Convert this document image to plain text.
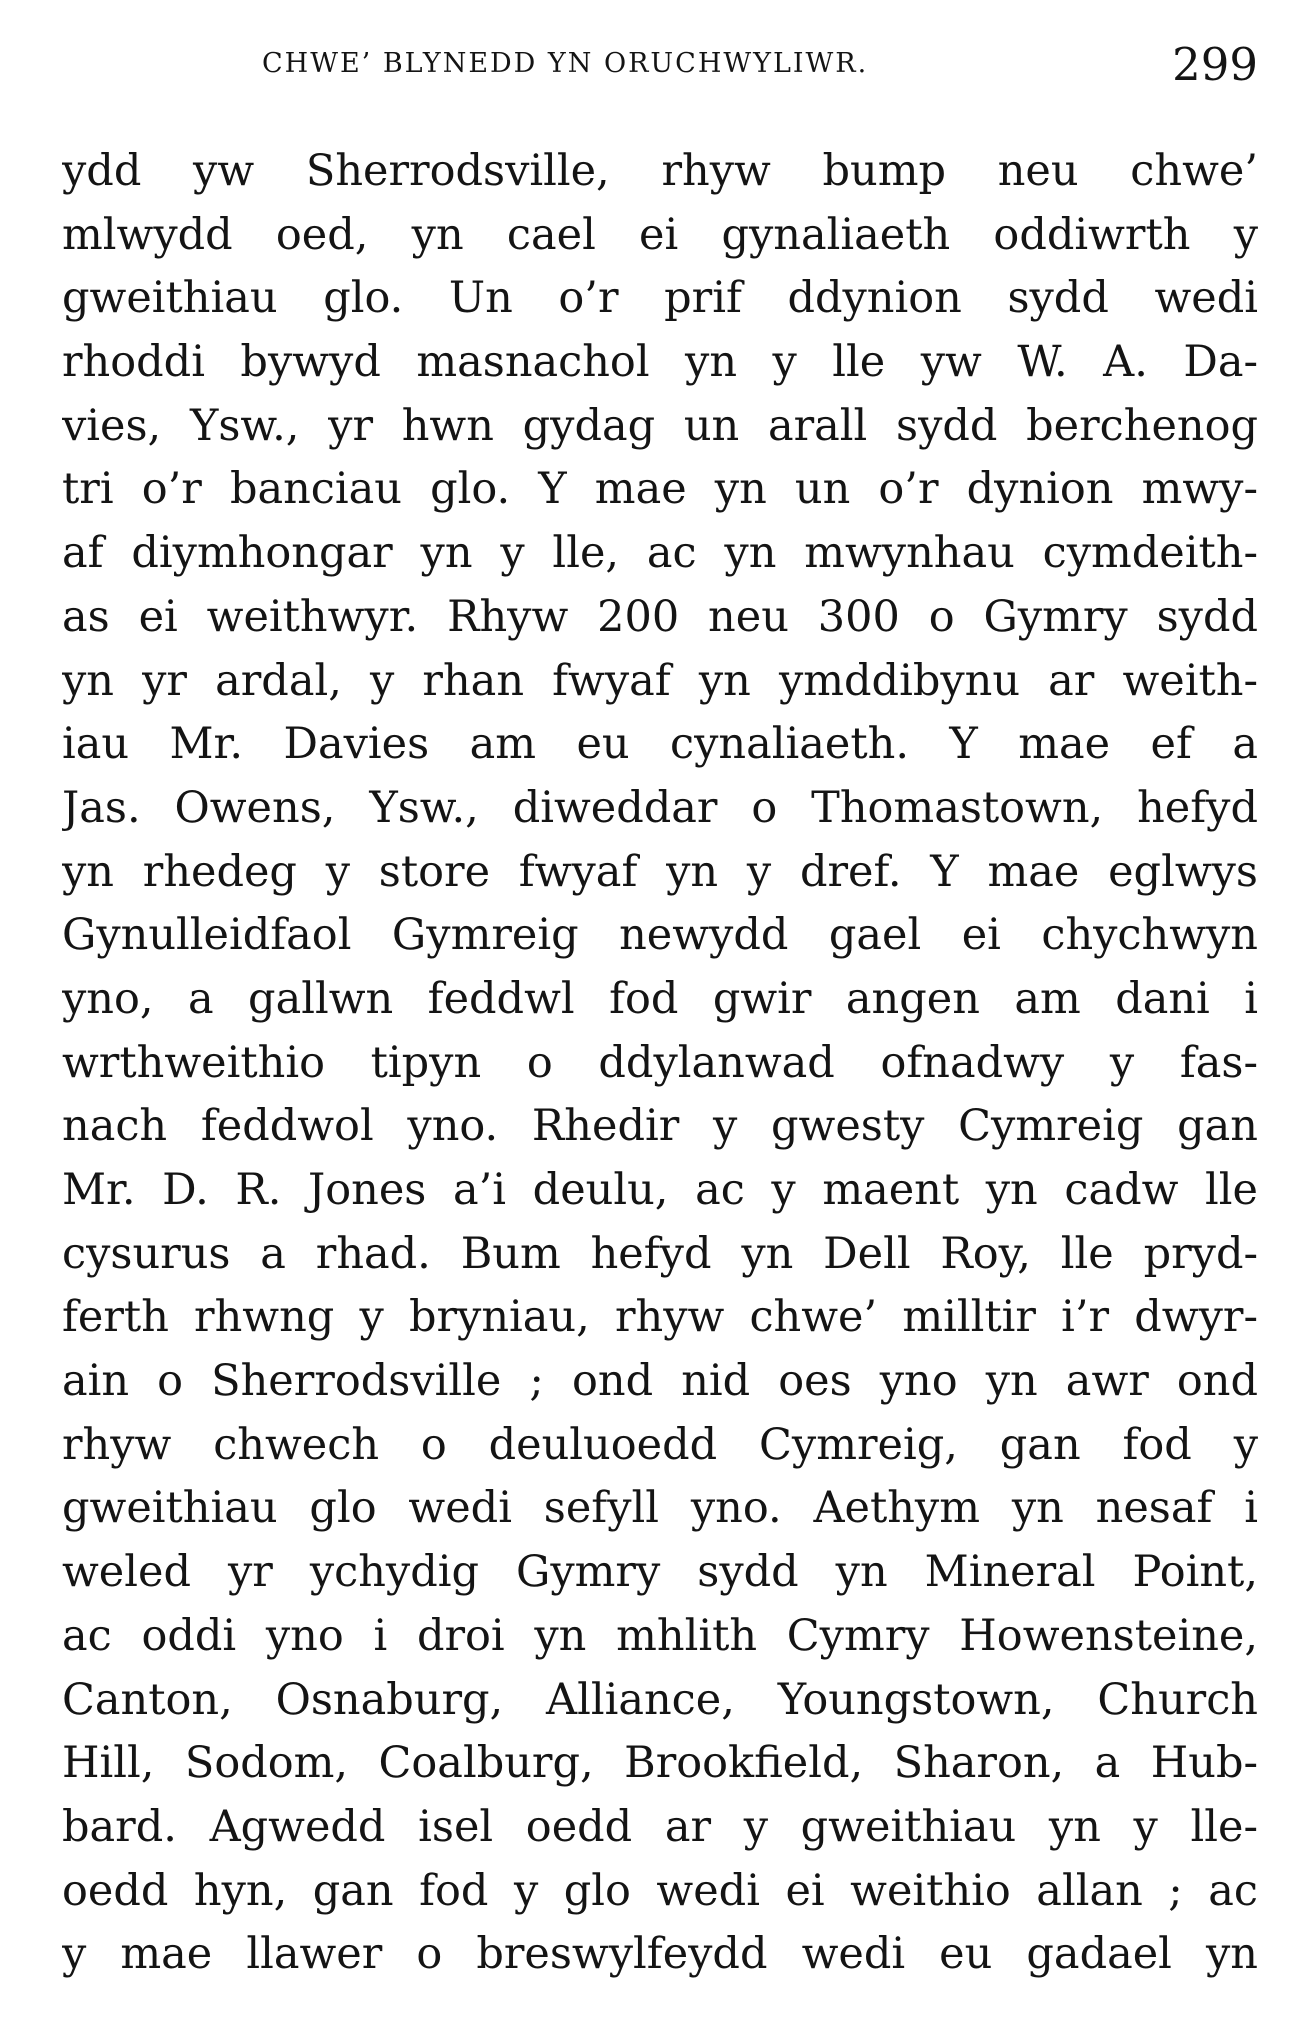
CHWE’ BLYNEDD YN ORUCHWYLIWR.	299
ydd yw Sherrodsville, rhyw bump neu chwe’
mlwydd oed, yn cael ei gynaliaeth oddiwrth y
gweithiau glo. Un o’r prif ddynion sydd wedi
rhoddi bywyd masnachol yn y lle yw W. A. Da-
vies, Ysw., yr hwn gydag un arall sydd berchenog
tri o’r banciau glo. Y mae yn un o’r dynion mwy-
af diymhongar yn y lle, ac yn mwynhau cymdeith-
as ei weithwyr. Rhyw 200 neu 300 o Gymry sydd
yn yr ardal, y rhan fwyaf yn ymddibynu ar weith-
iau Mr. Davies am eu cynaliaeth. Y mae ef a
Jas. Owens, Ysw., diweddar o Thomastown, hefyd
yn rhedeg y store fwyaf yn y dref. Y mae eglwys
Gynulleidfaol Gymreig newydd gael ei chychwyn
yno, a gallwn feddwl fod gwir angen am dani i
wrthweithio tipyn o ddylanwad ofnadwy y fas-
nach feddwol yno. Rhedir y gwesty Cymreig gan
Mr. D. R. Jones a’i deulu, ac y maent yn cadw lle
cysurus a rhad. Bum hefyd yn Dell Roy, lle pryd-
ferth rhwng y bryniau, rhyw chwe’ milltir i’r dwyr-
ain o Sherrodsville ; ond nid oes yno yn awr ond
rhyw chwech o deuluoedd Cymreig, gan fod y
gweithiau glo wedi sefyll yno. Aethym yn nesaf i
weled yr ychydig Gymry sydd yn Mineral Point,
ac oddi yno i droi yn mhlith Cymry Howensteine,
Canton, Osnaburg, Alliance, Youngstown, Church
Hill, Sodom, Coalburg, Brookfield, Sharon, a Hub-
bard. Agwedd isel oedd ar y gweithiau yn y lle-
oedd hyn, gan fod y glo wedi ei weithio allan ; ac
y mae llawer o breswylfeydd wedi eu gadael yn
